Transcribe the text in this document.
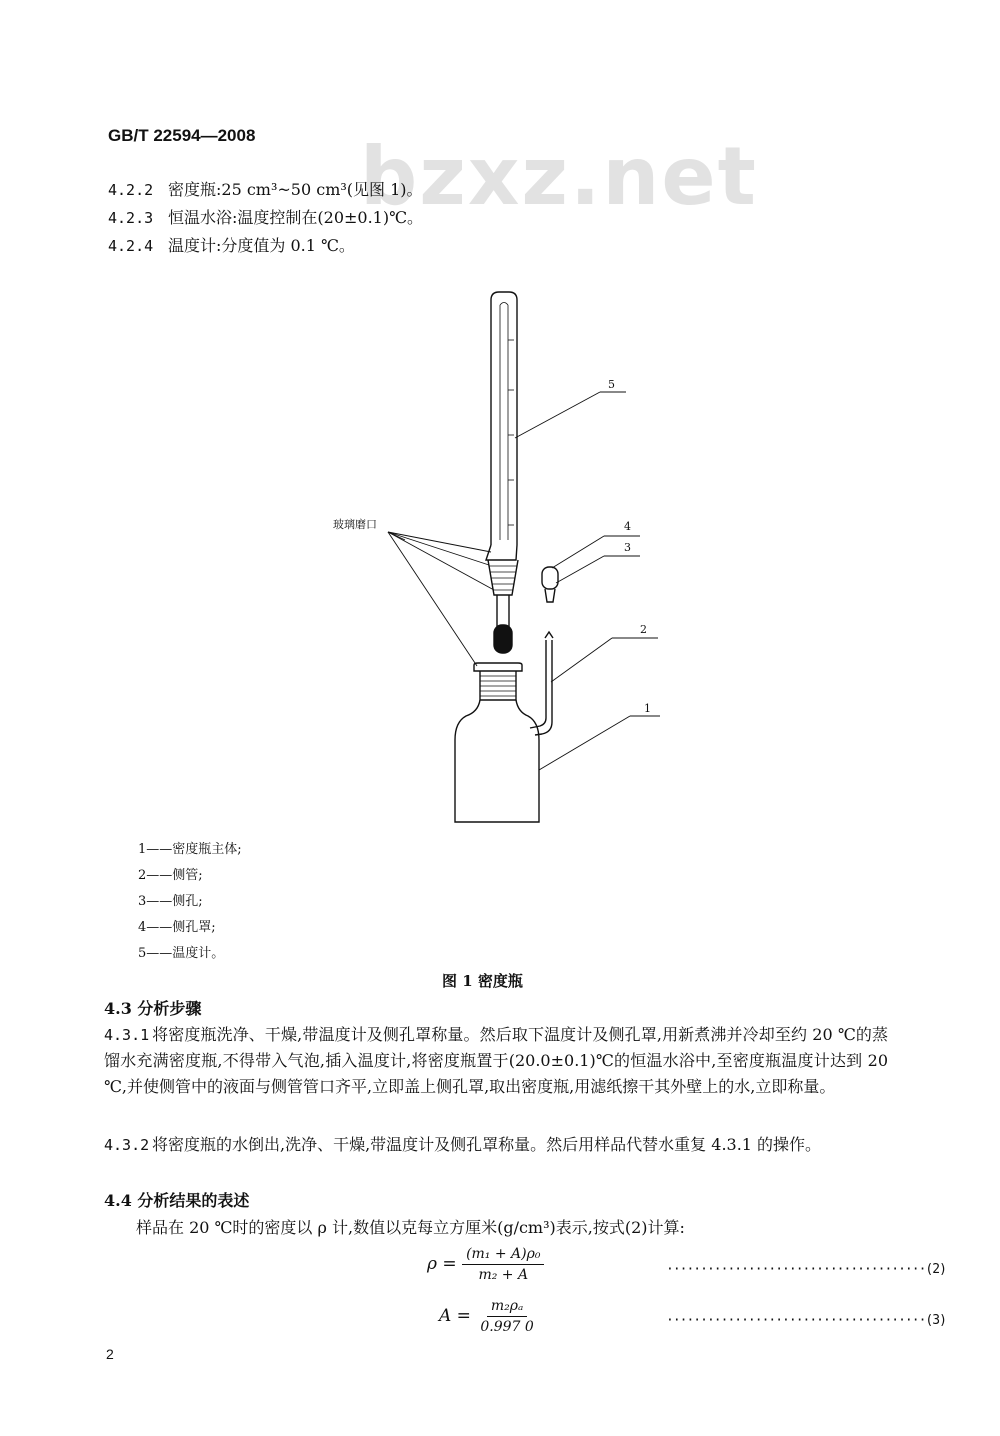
bzxz.net
GB/T 22594—2008
4.2.2 密度瓶:25 cm³~50 cm³(见图 1)。
4.2.3 恒温水浴:温度控制在(20±0.1)℃。
4.2.4 温度计:分度值为 0.1 ℃。
玻璃磨口
5
4
3
2
1
1——密度瓶主体;
2——侧管;
3——侧孔;
4——侧孔罩;
5——温度计。
图 1 密度瓶
4.3 分析步骤
4.3.1 将密度瓶洗净、干燥,带温度计及侧孔罩称量。然后取下温度计及侧孔罩,用新煮沸并冷却至约 20 ℃的蒸馏水充满密度瓶,不得带入气泡,插入温度计,将密度瓶置于(20.0±0.1)℃的恒温水浴中,至密度瓶温度计达到 20 ℃,并使侧管中的液面与侧管管口齐平,立即盖上侧孔罩,取出密度瓶,用滤纸擦干其外壁上的水,立即称量。
4.3.2 将密度瓶的水倒出,洗净、干燥,带温度计及侧孔罩称量。然后用样品代替水重复 4.3.1 的操作。
4.4 分析结果的表述
样品在 20 ℃时的密度以 ρ 计,数值以克每立方厘米(g/cm³)表示,按式(2)计算:
$\rho = \frac{\text{(m₁ + A)ρ₀}}{\text{m₂ + A}}$	······································(2)
$A = \frac{\text{m₂ρₐ}}{0.997 0}$	······································(3)
2
